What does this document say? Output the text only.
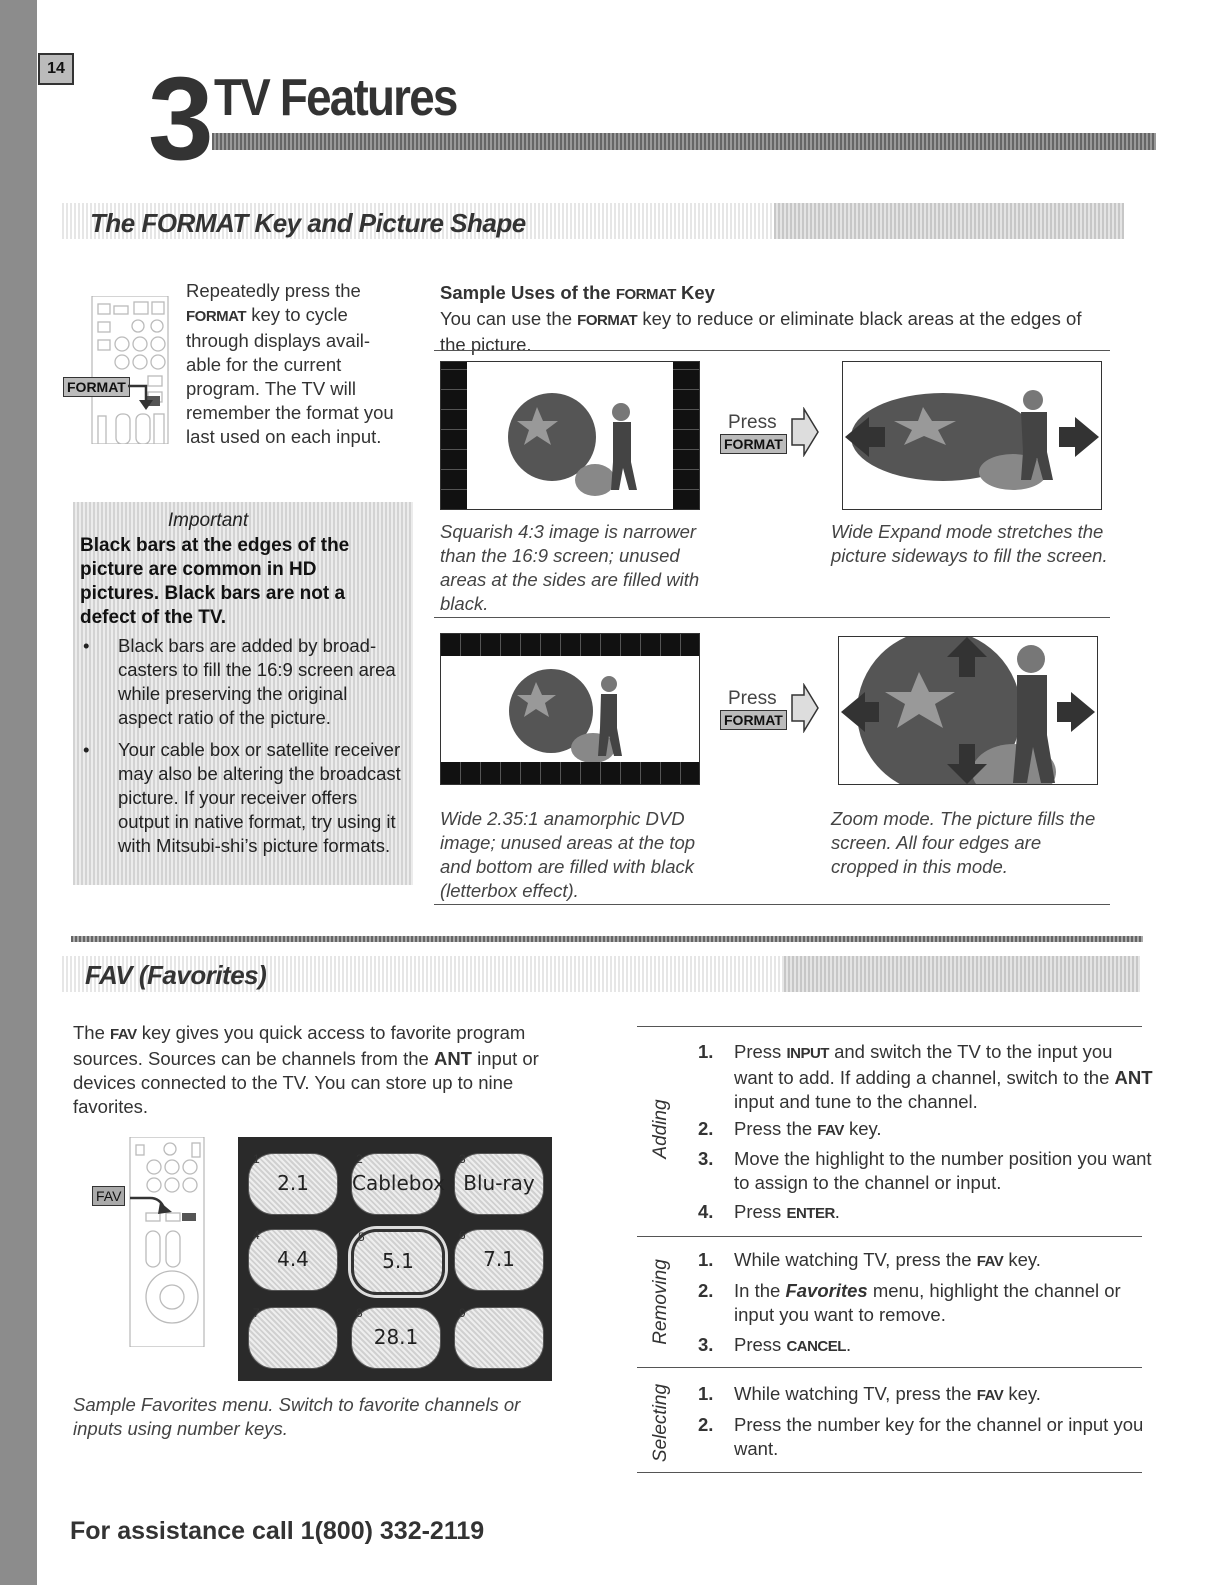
14 3 TV Features
The FORMAT Key and Picture Shape
FORMAT
Repeatedly press the
FORMAT key to cycle through displays avail-able for the current program. The TV will remember the format you last used on each input.
Important
Black bars at the edges of the picture are common in HD pictures. Black bars are not a defect of the TV.
•	Black bars are added by broad-casters to fill the 16:9 screen area while preserving the original aspect ratio of the picture.
•	Your cable box or satellite receiver may also be altering the broadcast picture. If your receiver offers output in native format, try using it with Mitsubi-shi’s picture formats.
Sample Uses of the FORMAT Key
You can use the FORMAT key to reduce or eliminate black areas at the edges of the picture.
Press
FORMAT
Squarish 4:3 image is narrower than the 16:9 screen; unused areas at the sides are filled with black.
Wide Expand mode stretches the picture sideways to fill the screen.
Press
FORMAT
Wide 2.35:1 anamorphic DVD image; unused areas at the top and bottom are filled with black (letterbox effect).
Zoom mode. The picture fills the screen. All four edges are cropped in this mode.
FAV (Favorites)
The FAV key gives you quick access to favorite program sources. Sources can be channels from the ANT input or devices connected to the TV. You can store up to nine favorites.
FAV
1
2.1
2
Cablebox
3
Blu-ray
4
4.4
5
5.1
6
7.1
7	8
28.1
9
Sample Favorites menu. Switch to favorite channels or inputs using number keys.
Adding
1. Press INPUT and switch the TV to the input you want to add. If adding a channel, switch to the ANT input and tune to the channel.
2. Press the FAV key.
3. Move the highlight to the number position you want to assign to the channel or input.
4. Press ENTER.
Removing 1. While watching TV, press the FAV key.
2. In the Favorites menu, highlight the channel or input you want to remove.
3. Press CANCEL.
Selecting 1. While watching TV, press the FAV key.
2. Press the number key for the channel or input you want.
For assistance call 1(800) 332-2119
